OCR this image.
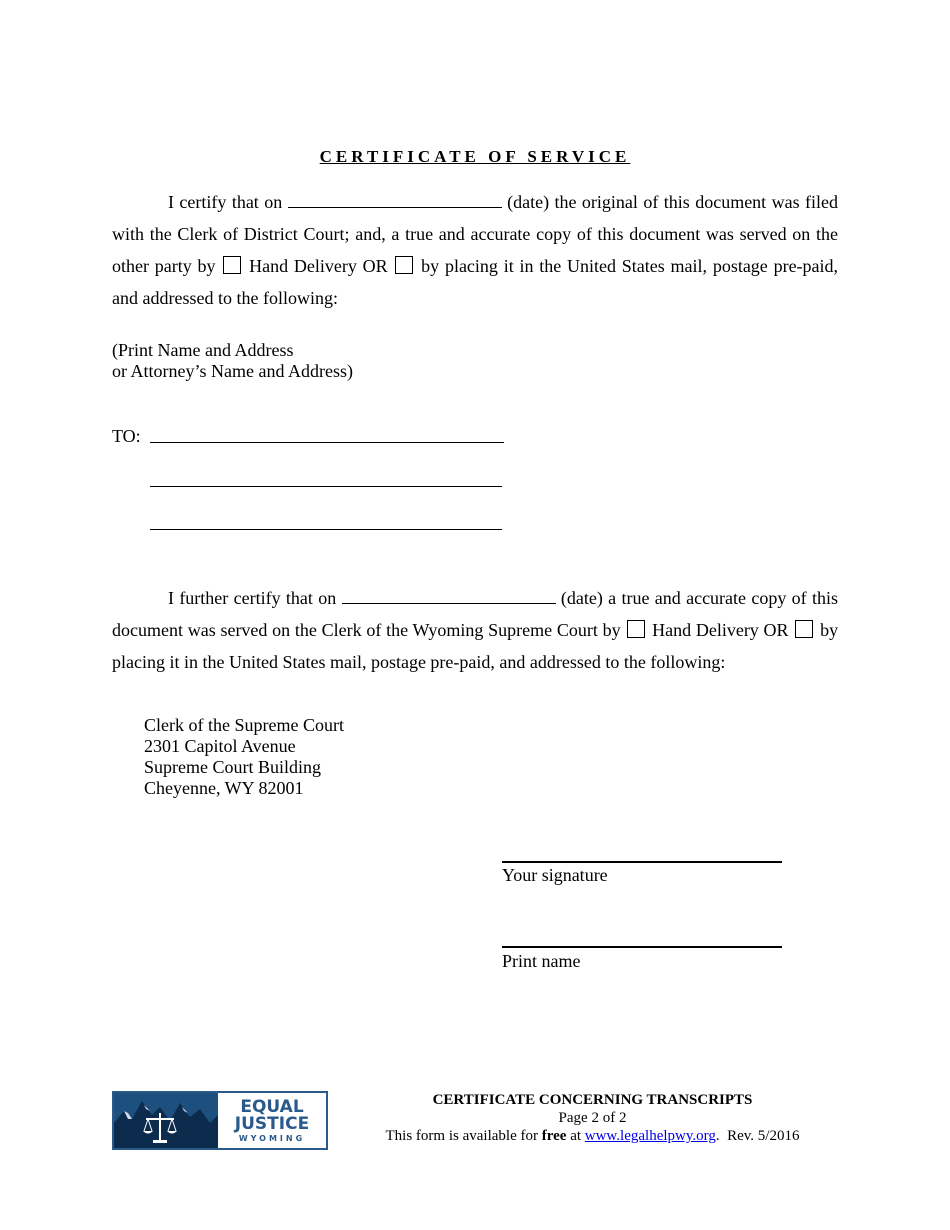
CERTIFICATE OF SERVICE
I certify that on	(date) the original of this document was filed with the Clerk of District Court; and, a true and accurate copy of this document was served on the other party by Hand Delivery OR by placing it in the United States mail, postage pre-paid, and addressed to the following:
(Print Name and Address
or Attorney’s Name and Address)
TO:
I further certify that on	(date) a true and accurate copy of this document was served on the Clerk of the Wyoming Supreme Court by Hand Delivery OR by placing it in the United States mail, postage pre-paid, and addressed to the following:
Clerk of the Supreme Court
2301 Capitol Avenue
Supreme Court Building
Cheyenne, WY 82001
Your signature
Print name
EQUAL
JUSTICE
WYOMING
CERTIFICATE CONCERNING TRANSCRIPTS
Page 2 of 2
This form is available for free at www.legalhelpwy.org.  Rev. 5/2016
